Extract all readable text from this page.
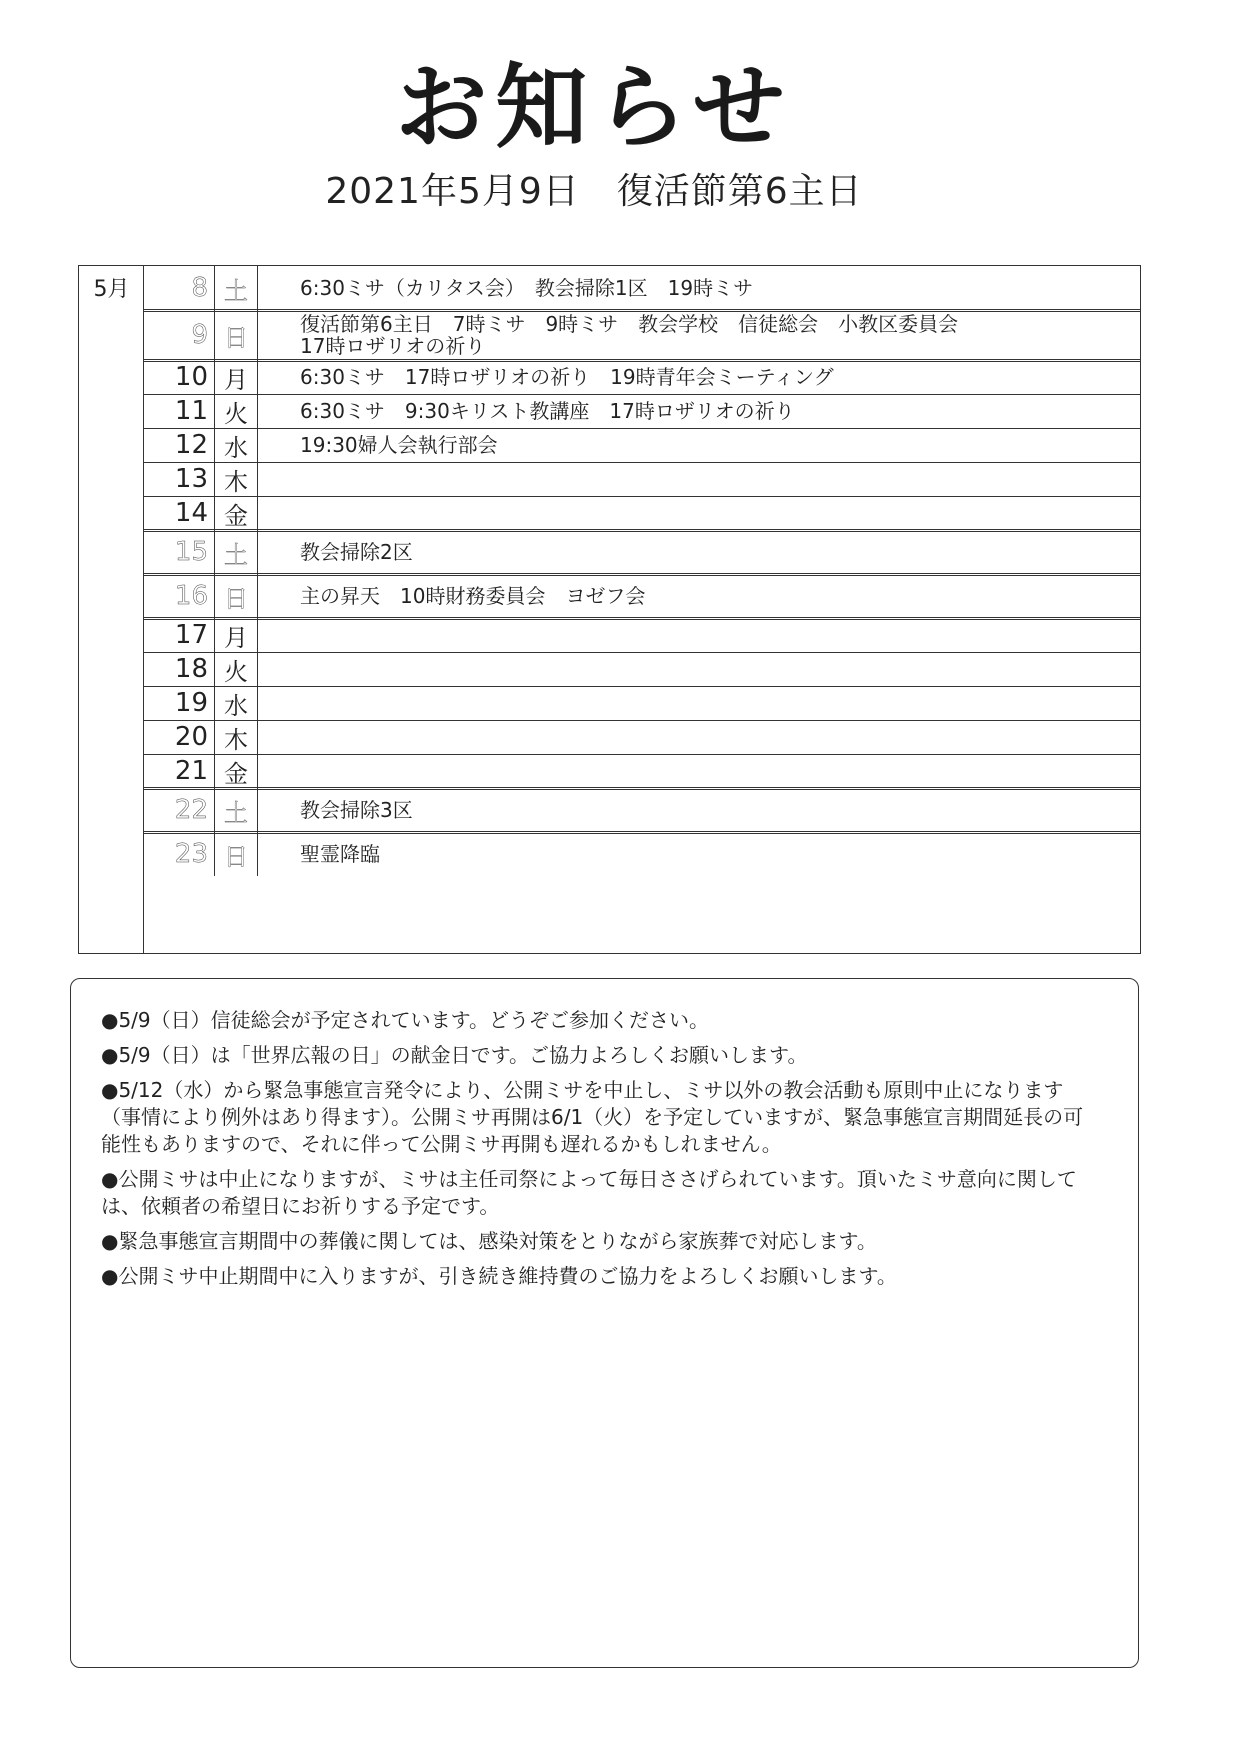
お知らせ
2021年5月9日　復活節第6主日
5月	8 土	6:30ミサ（カリタス会）　教会掃除1区　19時ミサ
9 日	復活節第6主日　7時ミサ　9時ミサ　教会学校　信徒総会　小教区委員会
17時ロザリオの祈り
10 月	6:30ミサ　17時ロザリオの祈り　19時青年会ミーティング
11 火	6:30ミサ　9:30キリスト教講座　17時ロザリオの祈り
12 水	19:30婦人会執行部会
13 木
14 金
15 土	教会掃除2区
16 日	主の昇天　10時財務委員会　ヨゼフ会
17 月
18 火
19 水
20 木
21 金
22 土	教会掃除3区
23 日	聖霊降臨
●5/9（日）信徒総会が予定されています。どうぞご参加ください。
●5/9（日）は「世界広報の日」の献金日です。ご協力よろしくお願いします。
●5/12（水）から緊急事態宣言発令により、公開ミサを中止し、ミサ以外の教会活動も原則中止になります（事情により例外はあり得ます）。公開ミサ再開は6/1（火）を予定していますが、緊急事態宣言期間延長の可能性もありますので、それに伴って公開ミサ再開も遅れるかもしれません。
●公開ミサは中止になりますが、ミサは主任司祭によって毎日ささげられています。頂いたミサ意向に関しては、依頼者の希望日にお祈りする予定です。
●緊急事態宣言期間中の葬儀に関しては、感染対策をとりながら家族葬で対応します。
●公開ミサ中止期間中に入りますが、引き続き維持費のご協力をよろしくお願いします。
